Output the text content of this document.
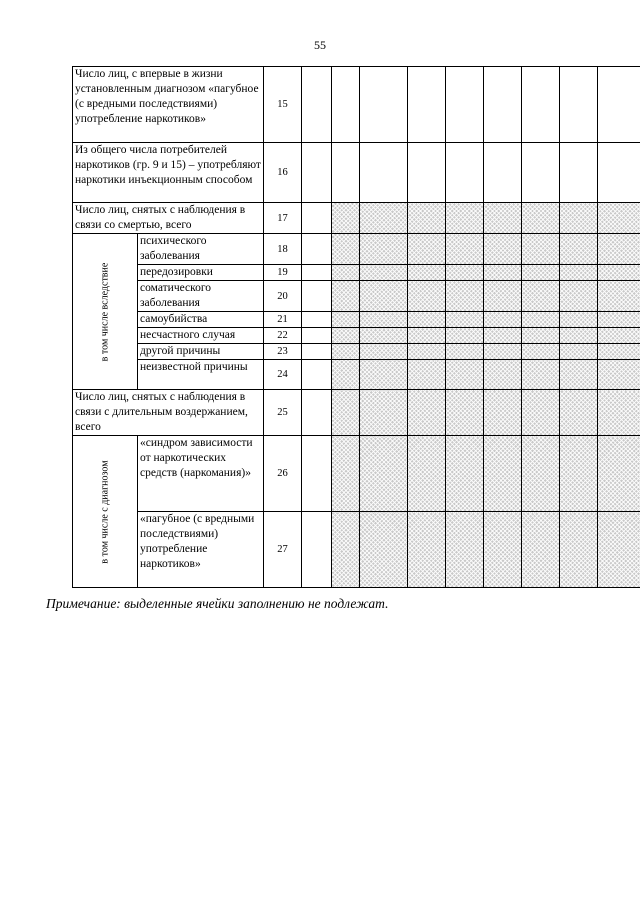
55
Число лиц, с впервые в жизни установленным диагнозом «пагубное (с вредными последствиями) употребление наркотиков»		15									
Из общего числа потребителей наркотиков (гр. 9 и 15) – употребляют наркотики инъекционным способом		16									
Число лиц, снятых с наблюдения в связи со смертью, всего		17									

в том числе вследствие	психического заболевания	18									
	передозировки	19									
	соматического заболевания	20									
	самоубийства	21									
	несчастного случая	22									
	другой причины	23									
	неизвестной причины	24									
Число лиц, снятых с наблюдения в связи с длительным воздержанием, всего		25									

в том числе с диагнозом	«синдром зависимости от наркотических средств (наркомания)»	26									
	«пагубное (с вредными последствиями) употребление наркотиков»	27									
Примечание: выделенные ячейки заполнению не подлежат.
